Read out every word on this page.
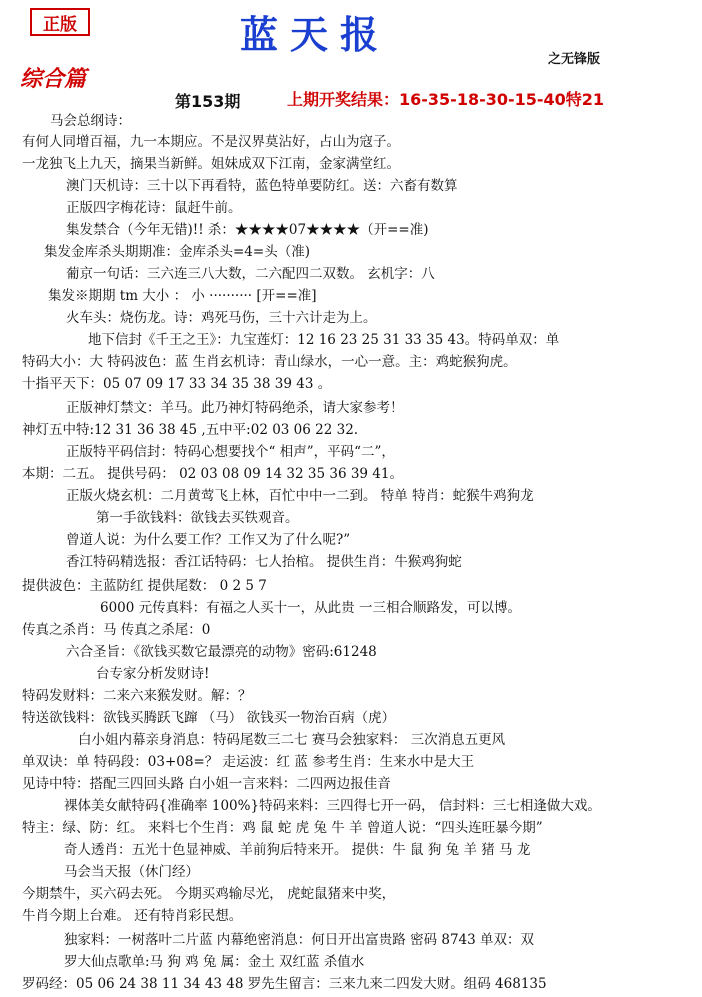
正版	蓝天报
之无锋版
综合篇
第153期	上期开奖结果：16-35-18-30-15-40特21
马会总纲诗：
有何人同增百福，九一本期应。不是汉界莫沾好，占山为寇子。
一龙独飞上九天，摘果当新鲜。姐妹成双下江南，金家满堂红。
澳门天机诗：三十以下再看特，蓝色特单要防红。送：六畜有数算
正版四字梅花诗：鼠赶牛前。
集发禁合（今年无错)!! 杀：★★★★07★★★★（开==准)
集发金库杀头期期准：金库杀头=4=头（准)
葡京一句话：三六连三八大数，二六配四二双数。 玄机字：八
集发※期期 tm 大小 ： 小 ·········· [开==准]
火车头：烧伤龙。诗：鸡死马伤，三十六计走为上。
地下信封《千王之王》：九宝莲灯：12 16 23 25 31 33 35 43。特码单双：单
特码大小：大 特码波色：蓝 生肖玄机诗：青山绿水，一心一意。主：鸡蛇猴狗虎。
十指平天下：05 07 09 17 33 34 35 38 39 43 。
正版神灯禁文：羊马。此乃神灯特码绝杀，请大家参考！
神灯五中特:12 31 36 38 45 ,五中平:02 03 06 22 32.
正版特平码信封：特码心想要找个“ 相声”，平码“二”，
本期：二五。 提供号码： 02 03 08 09 14 32 35 36 39 41。
正版火烧玄机：二月黄莺飞上林，百忙中中一二到。 特单 特肖：蛇猴牛鸡狗龙
第一手欲钱料：欲钱去买铁观音。
曾道人说：为什么要工作？工作又为了什么呢?”
香江特码精选报：香江话特码：七人抬棺。 提供生肖：牛猴鸡狗蛇
提供波色：主蓝防红 提供尾数： 0 2 5 7
6000 元传真料：有福之人买十一，从此贵 一三相合顺路发，可以博。
传真之杀肖：马 传真之杀尾：0
六合圣旨：《欲钱买数它最漂亮的动物》密码:61248
台专家分析发财诗!
特码发财料：二来六来猴发财。解：？
特送欲钱料：欲钱买腾跃飞蹿 （马） 欲钱买一物治百病（虎）
白小姐内幕亲身消息：特码尾数三二七 赛马会独家料： 三次消息五更风
单双诀：单 特码段：03+08=？ 走运波：红 蓝 参考生肖：生来水中是大王
见诗中特：搭配三四回头路 白小姐一言来料：二四两边报佳音
裸体美女献特码{准确率 100%}特码来料：三四得七开一码， 信封料：三七相逢做大戏。
特主：绿、防：红。 来料七个生肖：鸡 鼠 蛇 虎 兔 牛 羊 曾道人说：“四头连旺暴今期”
奇人透肖：五光十色显神威、羊前狗后特来开。 提供：牛 鼠 狗 兔 羊 猪 马 龙
马会当天报（休门经）
今期禁牛，买六码去死。 今期买鸡输尽光， 虎蛇鼠猪来中奖，
牛肖今期上台难。 还有特肖彩民想。
独家料：一树落叶二片蓝 内幕绝密消息：何日开出富贵路 密码 8743 单双：双
罗大仙点歌单:马 狗 鸡 兔 属：金土 双红蓝 杀值水
罗码经：05 06 24 38 11 34 43 48 罗先生留言：三来九来二四发大财。组码 468135
